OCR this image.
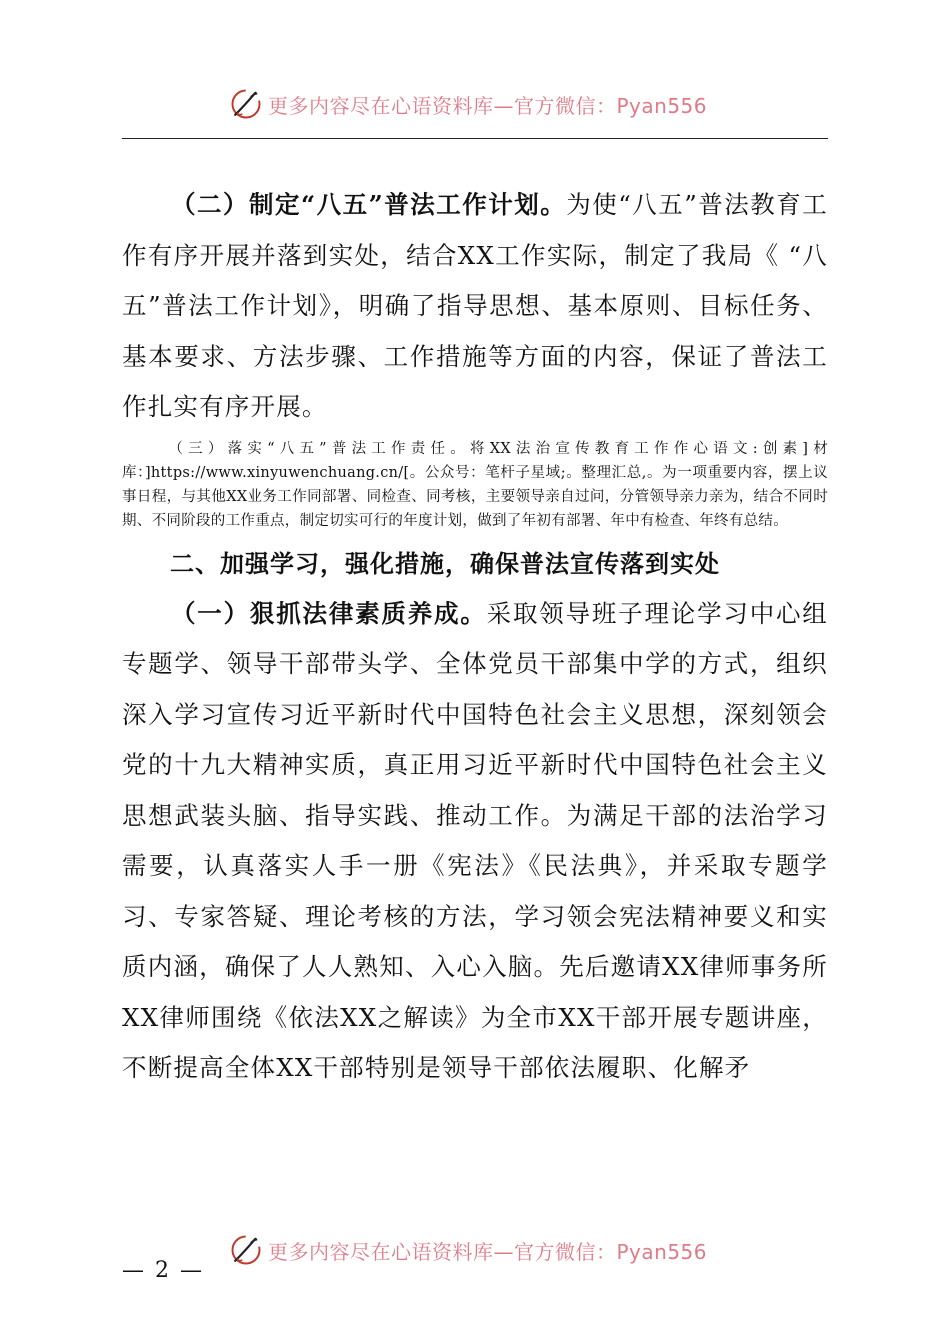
更多内容尽在心语资料库—官方微信：Pyan556

（二）制定“八五”普法工作计划。为使“八五”普法教育工作有序开展并落到实处，结合XX工作实际，制定了我局《 “八五”普法工作计划》，明确了指导思想、基本原则、目标任务、基本要求、方法步骤、工作措施等方面的内容，保证了普法工作扎实有序开展。

（三）落实“八五”普法工作责任。将XX法治宣传教育工作作心语文:创素]材库：]https://www.xinyuwenchuang.cn/[。公众号：笔杆子星域;。整理汇总,。为一项重要内容，摆上议事日程，与其他XX业务工作同部署、同检查、同考核，主要领导亲自过问，分管领导亲力亲为，结合不同时期、不同阶段的工作重点，制定切实可行的年度计划，做到了年初有部署、年中有检查、年终有总结。

二、加强学习，强化措施，确保普法宣传落到实处

（一）狠抓法律素质养成。采取领导班子理论学习中心组专题学、领导干部带头学、全体党员干部集中学的方式，组织深入学习宣传习近平新时代中国特色社会主义思想，深刻领会党的十九大精神实质，真正用习近平新时代中国特色社会主义思想武装头脑、指导实践、推动工作。为满足干部的法治学习需要，认真落实人手一册《宪法》《民法典》，并采取专题学习、专家答疑、理论考核的方法，学习领会宪法精神要义和实质内涵，确保了人人熟知、入心入脑。先后邀请XX律师事务所XX律师围绕《依法XX之解读》为全市XX干部开展专题讲座，不断提高全体XX干部特别是领导干部依法履职、化解矛

更多内容尽在心语资料库—官方微信：Pyan556
— 2 —
